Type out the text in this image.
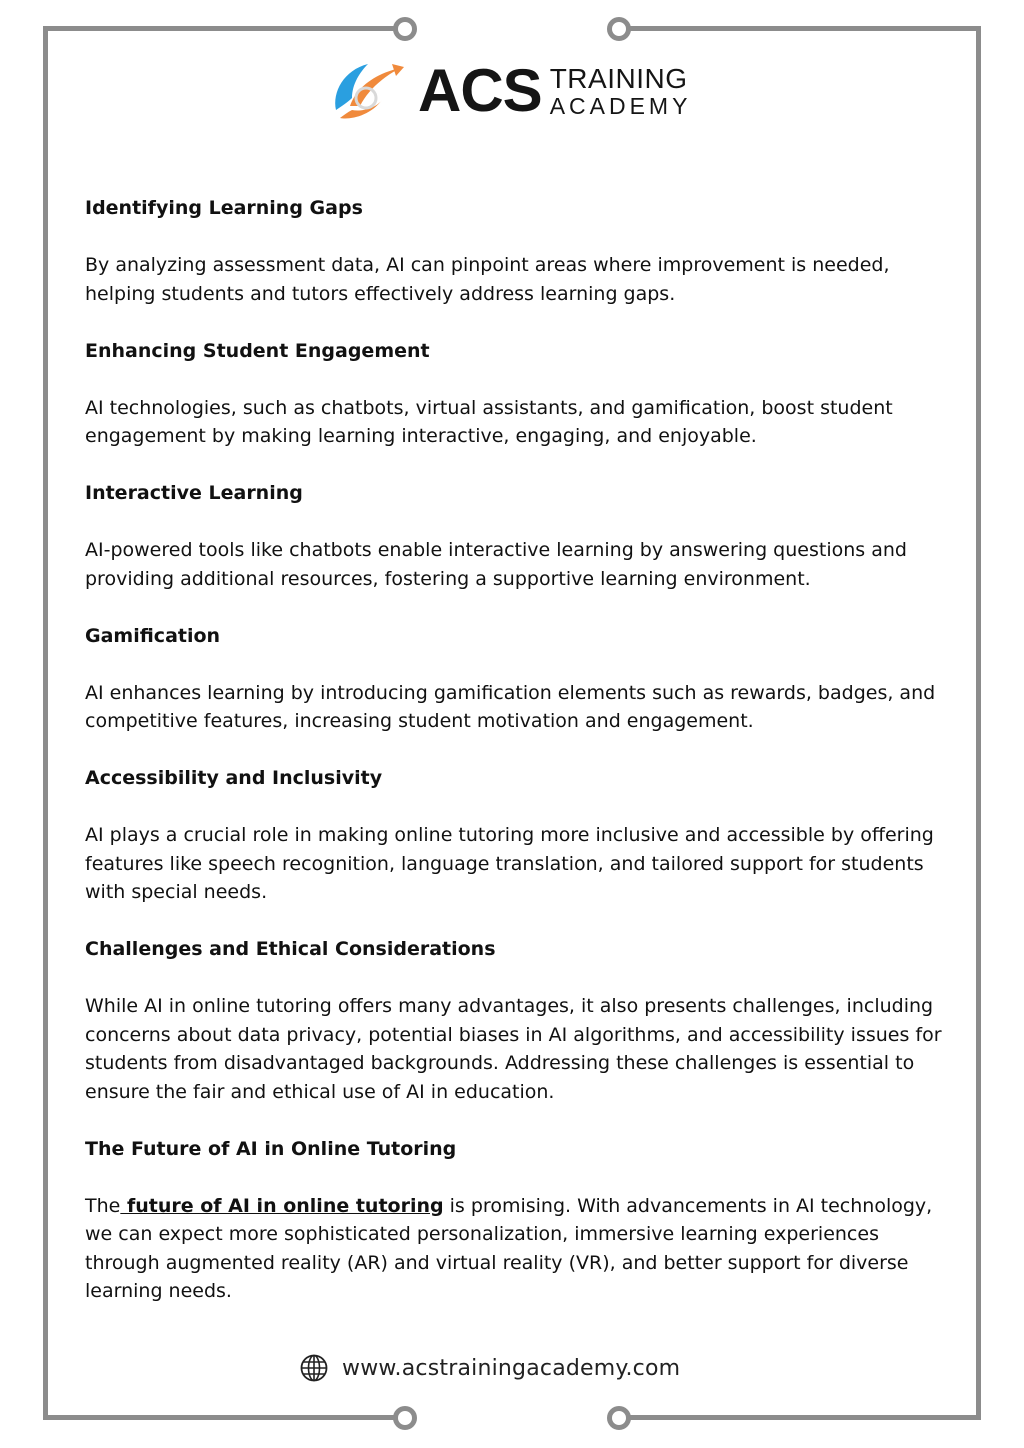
ACS TRAINING
ACADEMY
Identifying Learning Gaps

By analyzing assessment data, AI can pinpoint areas where improvement is needed, helping students and tutors effectively address learning gaps.

Enhancing Student Engagement

AI technologies, such as chatbots, virtual assistants, and gamification, boost student engagement by making learning interactive, engaging, and enjoyable.

Interactive Learning

AI-powered tools like chatbots enable interactive learning by answering questions and providing additional resources, fostering a supportive learning environment.

Gamification

AI enhances learning by introducing gamification elements such as rewards, badges, and competitive features, increasing student motivation and engagement.

Accessibility and Inclusivity

AI plays a crucial role in making online tutoring more inclusive and accessible by offering features like speech recognition, language translation, and tailored support for students with special needs.

Challenges and Ethical Considerations

While AI in online tutoring offers many advantages, it also presents challenges, including concerns about data privacy, potential biases in AI algorithms, and accessibility issues for students from disadvantaged backgrounds. Addressing these challenges is essential to ensure the fair and ethical use of AI in education.

The Future of AI in Online Tutoring

The future of AI in online tutoring is promising. With advancements in AI technology, we can expect more sophisticated personalization, immersive learning experiences through augmented reality (AR) and virtual reality (VR), and better support for diverse learning needs.

www.acstrainingacademy.com
